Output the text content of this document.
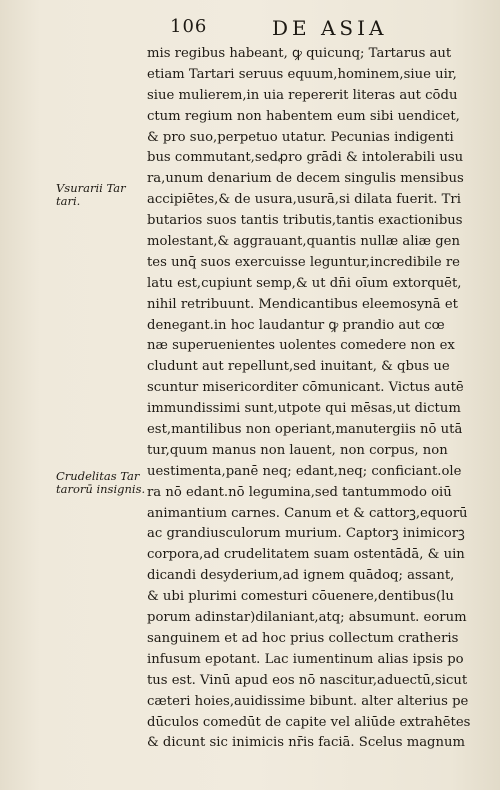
106	DE ASIA
Vsurarii Tar
tari.
Crudelitas Tar
tarorū insignis.
mis regibus habeant, ꝙ quicunq; Tartarus aut
etiam Tartari seruus equum,hominem,siue uir,
siue mulierem,in uia repererit literas aut cōdu
ctum regium non habentem eum sibi uendicet,
& pro suo,perpetuo utatur. Pecunias indigenti
bus commutant,sedꝓro grādi & intolerabili usu
ra,unum denarium de decem singulis mensibus
accipiētes,& de usura,usurā,si dilata fuerit. Tri
butarios suos tantis tributis,tantis exactionibus
molestant,& aggrauant,quantis nullæ aliæ gen
tes unq̄ suos exercuisse leguntur,incredibile re
latu est,cupiunt semp,& ut dn̄i oīum extorquēt,
nihil retribuunt. Mendicantibus eleemosynā et
denegant.in hoc laudantur ꝙ prandio aut cœ
næ superuenientes uolentes comedere non ex
cludunt aut repellunt,sed inuitant, & qbus ue
scuntur misericorditer cōmunicant. Victus autē
immundissimi sunt,utpote qui mēsas,ut dictum
est,mantilibus non operiant,manutergiis nō utā
tur,quum manus non lauent, non corpus, non
uestimenta,panē neq; edant,neq; conficiant.ole
ra nō edant.nō legumina,sed tantummodo oiū
animantium carnes. Canum et & cattorꝫ,equorū
ac grandiusculorum murium. Captorꝫ inimicorꝫ
corpora,ad crudelitatem suam ostentādā, & uin
dicandi desyderium,ad ignem quādoq; assant,
& ubi plurimi comesturi cōuenere,dentibus(lu
porum adinstar)dilaniant,atq; absumunt. eorum
sanguinem et ad hoc prius collectum cratheris
infusum epotant. Lac iumentinum alias ipsis po
tus est. Vinū apud eos nō nascitur,aduectū,sicut
cæteri hoies,auidissime bibunt. alter alterius pe
dūculos comedūt de capite vel aliūde extrahētes
& dicunt sic inimicis nr̄is faciā. Scelus magnum
